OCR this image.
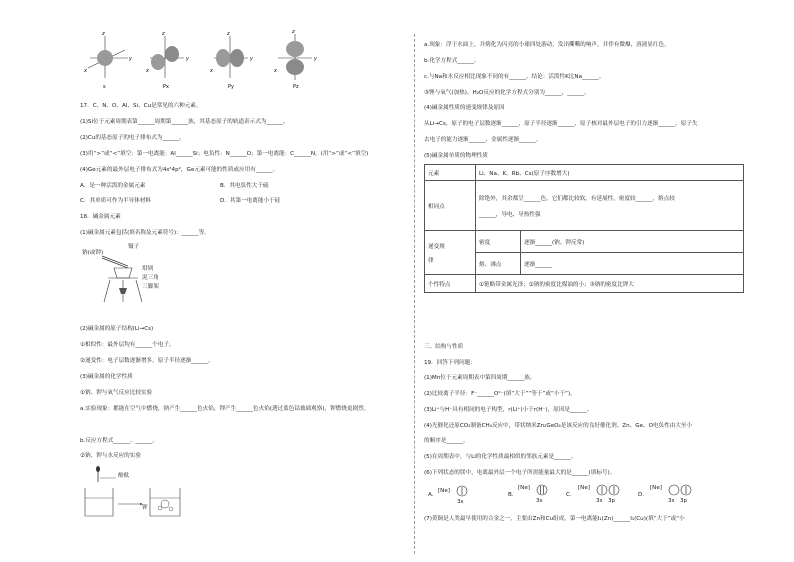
z	z	z	z
x	x	x	x
y	y	y	y
s	Px	Py	Pz
17．C、N、O、Al、Si、Cu是常见的六种元素。
(1)Si位于元素周期表第______周期第______族，其基态原子的轨道表示式为______。
(2)Cu的基态原子的电子排布式为______。
(3)用“>”或“<”填空：第一电离能：Al______Si；电负性：N______O；第一电离能：C______N。(用“>”或“<”填空)
(4)Ge元素的最外层电子排布式为4s²4p²，Ge元素可能的性质或应用有______。
A．是一种活泼的金属元素	B．其电负性大于硫
C．其单质可作为半导体材料	D．其第一电离能小于硅
18．碱金属元素
(1)碱金属元素包括(填名称及元素符号)：______等。
镊子
钠(或钾)
坩埚
泥三角
三脚架
(2)碱金属的原子结构(Li→Cs)
①相似性：最外层均有______个电子。
②递变性：电子层数逐渐增多，原子半径逐渐______。
(3)碱金属的化学性质
①钠、钾与氧气反应比较实验
a.实验现象：都能在空气中燃烧，钠产生______色火焰，钾产生______色火焰(透过蓝色钴玻璃观察)，钾燃烧更剧烈。
b.反应方程式______、______。
②钠、钾与水反应的实验
酚酞
钾
a.现象：浮于水面上，并熔化为闪亮的小球四处游动，发出嘶嘶的响声，并伴有微爆，溶液显红色。
b.化学方程式______。
c.与Na和水反应相比现象不同的有______，结论：活泼性K比Na______。
③锂与氧气(加热)、H₂O反应的化学方程式分别为______，______。
(4)碱金属性质的递变规律及原因
从Li→Cs，原子的电子层数逐渐______，原子半径逐渐______，原子核对最外层电子的引力逐渐______，原子失
去电子的能力逐渐______，金属性逐渐______。
(5)碱金属单质的物理性质
元素	Li、Na、K、Rb、Cs(原子序数增大)	
相同点	除铯外，其余都呈______色，它们都比较软，有延展性，密度较______，熔点较
______，导电、导热性强	

递变规
律	密度	逐渐______(钠、钾反常)
	熔、沸点	逐渐______
个性特点	①铯略带金属光泽；②钠的密度比煤油的小；③钠的密度比钾大	
三、结构与性质
19．回答下列问题：
(1)Mn位于元素周期表中第四周期______族。
(2)比较离子半径：F⁻______O²⁻(填“大于”“等于”或“小于”)。
(3)Li⁺与H⁻具有相同的电子构型，r(Li⁺)小于r(H⁻)，原因是______。
(4)光催化还原CO₂制备CH₄反应中，带状纳米Zn₂GeO₄是该反应的良好催化剂。Zn、Ge、O电负性由大至小
的顺序是______。
(5)在周期表中，与Li的化学性质最相似的邻族元素是______。
(6)下列状态的镁中，电离最外层一个电子所需能量最大的是______(填标号)。
A．
[Ne]
3s
B．
[Ne]
3s
C．
[Ne]
3s 3p
D．
[Ne]
3s 3p
(7)黄铜是人类最早使用的合金之一，主要由Zn和Cu组成。第一电离能I₁(Zn)______I₁(Cu)(填“大于”或“小
